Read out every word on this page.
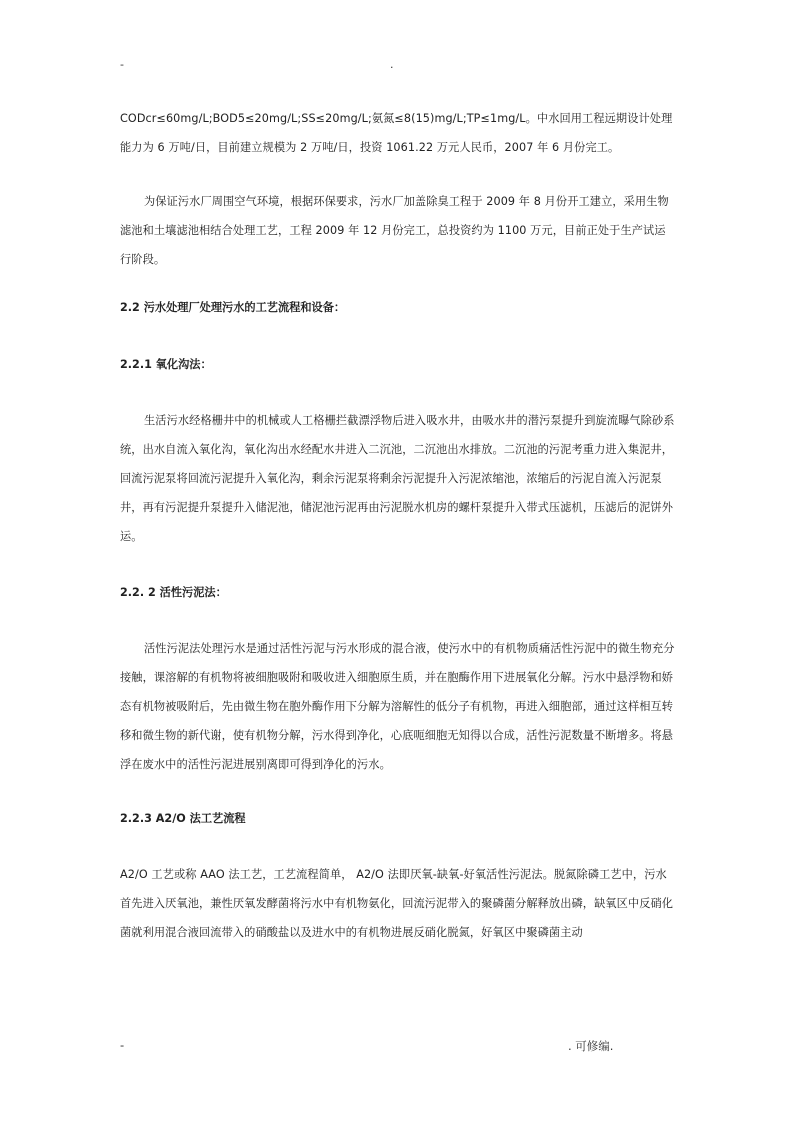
-	.

CODcr≤60mg/L;BOD5≤20mg/L;SS≤20mg/L;氨氮≤8(15)mg/L;TP≤1mg/L。中水回用工程远期设计处理能力为 6 万吨/日，目前建立规模为 2 万吨/日，投资 1061.22 万元人民币，2007 年 6 月份完工。

为保证污水厂周围空气环境，根据环保要求，污水厂加盖除臭工程于 2009 年 8 月份开工建立，采用生物滤池和土壤滤池相结合处理工艺，工程 2009 年 12 月份完工，总投资约为 1100 万元，目前正处于生产试运行阶段。

2.2 污水处理厂处理污水的工艺流程和设备：
2.2.1 氧化沟法：

生活污水经格栅井中的机械或人工格栅拦截漂浮物后进入吸水井，由吸水井的潜污泵提升到旋流曝气除砂系统，出水自流入氧化沟，氧化沟出水经配水井进入二沉池，二沉池出水排放。二沉池的污泥考重力进入集泥井，回流污泥泵将回流污泥提升入氧化沟，剩余污泥泵将剩余污泥提升入污泥浓缩池，浓缩后的污泥自流入污泥泵井，再有污泥提升泵提升入储泥池，储泥池污泥再由污泥脱水机房的螺杆泵提升入带式压滤机，压滤后的泥饼外运。

2.2. 2 活性污泥法：

活性污泥法处理污水是通过活性污泥与污水形成的混合液，使污水中的有机物质痛活性污泥中的微生物充分接触，课溶解的有机物将被细胞吸附和吸收进入细胞原生质，并在胞酶作用下进展氧化分解。污水中悬浮物和娇态有机物被吸附后，先由微生物在胞外酶作用下分解为溶解性的低分子有机物，再进入细胞部，通过这样相互转移和微生物的新代谢，使有机物分解，污水得到净化，心底呃细胞无知得以合成，活性污泥数量不断增多。将悬浮在废水中的活性污泥进展别离即可得到净化的污水。

2.2.3 A2/O 法工艺流程

A2/O 工艺或称 AAO 法工艺，工艺流程简单， A2/O 法即厌氧-缺氧-好氧活性污泥法。脱氮除磷工艺中，污水首先进入厌氧池，兼性厌氧发酵菌将污水中有机物氨化，回流污泥带入的聚磷菌分解释放出磷，缺氧区中反硝化菌就利用混合液回流带入的硝酸盐以及进水中的有机物进展反硝化脱氮，好氧区中聚磷菌主动

-	. 可修编.
